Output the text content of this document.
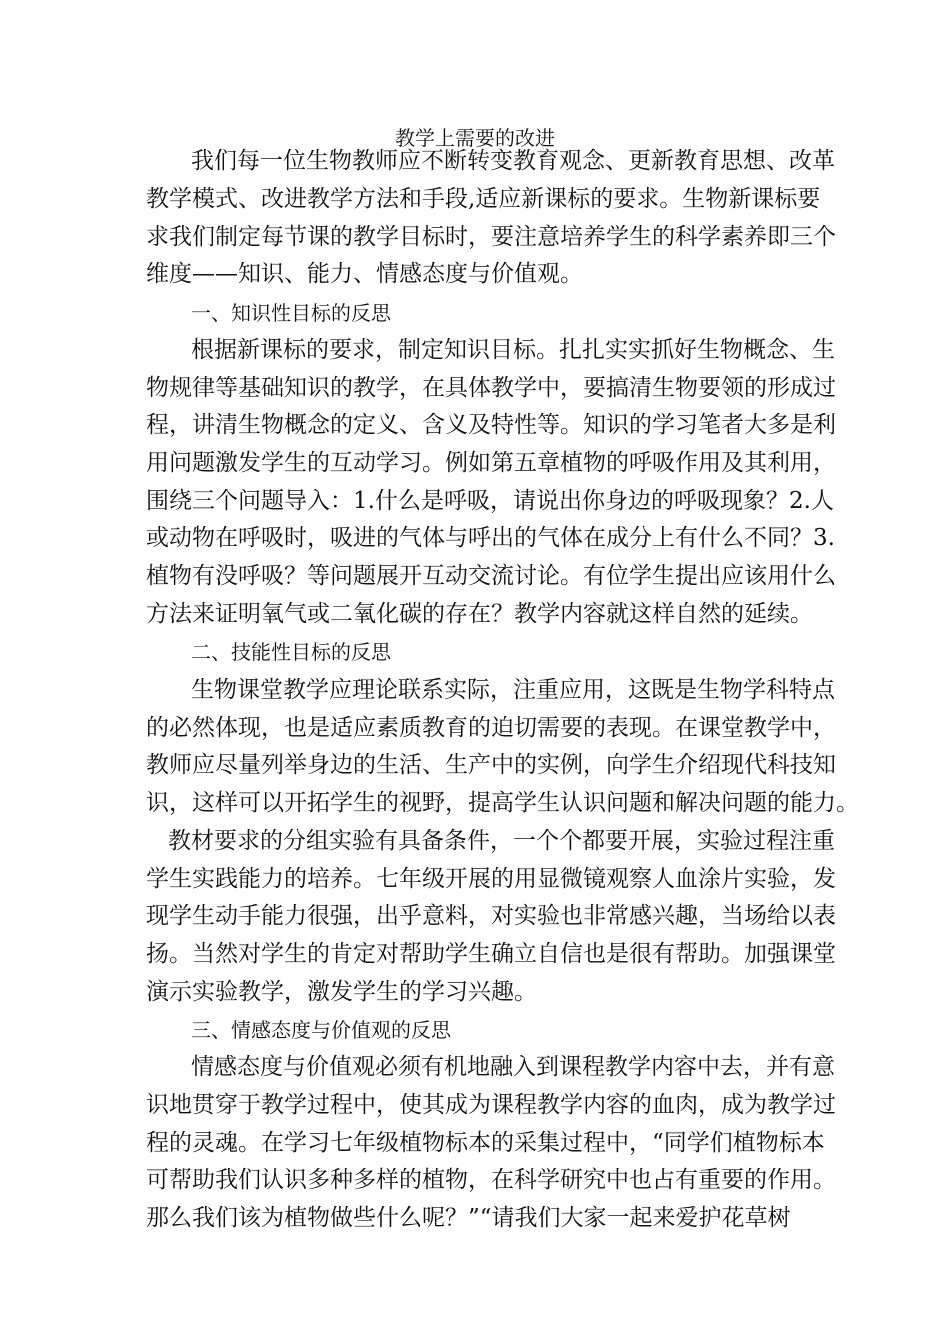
教学上需要的改进
我们每一位生物教师应不断转变教育观念、更新教育思想、改革
教学模式、改进教学方法和手段,适应新课标的要求。生物新课标要
求我们制定每节课的教学目标时，要注意培养学生的科学素养即三个
维度——知识、能力、情感态度与价值观。
一、知识性目标的反思
根据新课标的要求，制定知识目标。扎扎实实抓好生物概念、生
物规律等基础知识的教学，在具体教学中，要搞清生物要领的形成过
程，讲清生物概念的定义、含义及特性等。知识的学习笔者大多是利
用问题激发学生的互动学习。例如第五章植物的呼吸作用及其利用，
围绕三个问题导入：1.什么是呼吸，请说出你身边的呼吸现象？2.人
或动物在呼吸时，吸进的气体与呼出的气体在成分上有什么不同？3.
植物有没呼吸？等问题展开互动交流讨论。有位学生提出应该用什么
方法来证明氧气或二氧化碳的存在？教学内容就这样自然的延续。
二、技能性目标的反思
生物课堂教学应理论联系实际，注重应用，这既是生物学科特点
的必然体现，也是适应素质教育的迫切需要的表现。在课堂教学中，
教师应尽量列举身边的生活、生产中的实例，向学生介绍现代科技知
识，这样可以开拓学生的视野，提高学生认识问题和解决问题的能力。
教材要求的分组实验有具备条件，一个个都要开展，实验过程注重
学生实践能力的培养。七年级开展的用显微镜观察人血涂片实验，发
现学生动手能力很强，出乎意料，对实验也非常感兴趣，当场给以表
扬。当然对学生的肯定对帮助学生确立自信也是很有帮助。加强课堂
演示实验教学，激发学生的学习兴趣。
三、情感态度与价值观的反思
情感态度与价值观必须有机地融入到课程教学内容中去，并有意
识地贯穿于教学过程中，使其成为课程教学内容的血肉，成为教学过
程的灵魂。在学习七年级植物标本的采集过程中，“同学们植物标本
可帮助我们认识多种多样的植物，在科学研究中也占有重要的作用。
那么我们该为植物做些什么呢？”“请我们大家一起来爱护花草树
